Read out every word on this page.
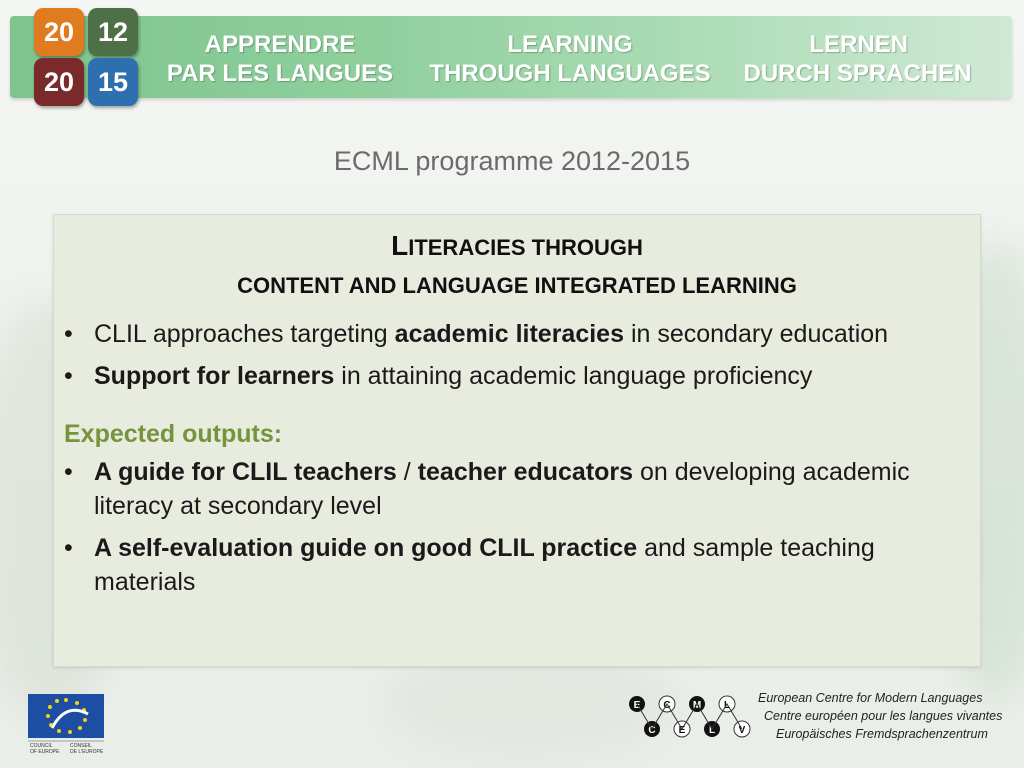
20 12
20 15
APPRENDRE
PAR LES LANGUES
LEARNING
THROUGH LANGUAGES
LERNEN
DURCH SPRACHEN
ECML programme 2012-2015
LITERACIES THROUGH
CONTENT AND LANGUAGE INTEGRATED LEARNING
• CLIL approaches targeting academic literacies in secondary education
• Support for learners in attaining academic language proficiency
Expected outputs:
• A guide for CLIL teachers / teacher educators on developing academic literacy at secondary level
• A self-evaluation guide on good CLIL practice and sample teaching materials
COUNCIL
OF EUROPE
CONSEIL
DE L'EUROPE
E C M L
C E L V
European Centre for Modern Languages
Centre européen pour les langues vivantes
Europäisches Fremdsprachenzentrum
